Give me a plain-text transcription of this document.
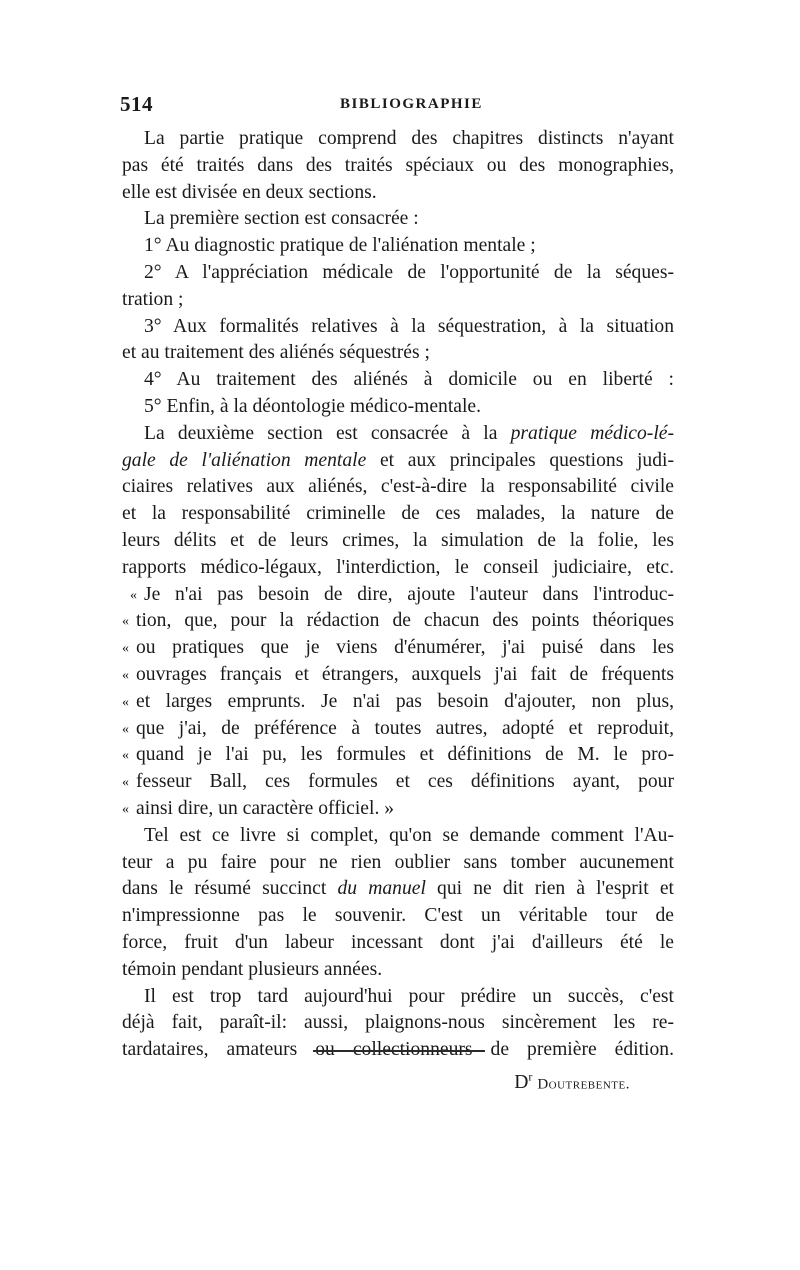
514	BIBLIOGRAPHIE
La partie pratique comprend des chapitres distincts n'ayant
pas été traités dans des traités spéciaux ou des monographies,
elle est divisée en deux sections.
La première section est consacrée :
1° Au diagnostic pratique de l'aliénation mentale ;
2° A l'appréciation médicale de l'opportunité de la séques-
tration ;
3° Aux formalités relatives à la séquestration, à la situation
et au traitement des aliénés séquestrés ;
4° Au traitement des aliénés à domicile ou en liberté :
5° Enfin, à la déontologie médico-mentale.
La deuxième section est consacrée à la pratique médico-lé-
gale de l'aliénation mentale et aux principales questions judi-
ciaires relatives aux aliénés, c'est-à-dire la responsabilité civile
et la responsabilité criminelle de ces malades, la nature de
leurs délits et de leurs crimes, la simulation de la folie, les
rapports médico-légaux, l'interdiction, le conseil judiciaire, etc.
« Je n'ai pas besoin de dire, ajoute l'auteur dans l'introduc-
« tion, que, pour la rédaction de chacun des points théoriques
« ou pratiques que je viens d'énumérer, j'ai puisé dans les
« ouvrages français et étrangers, auxquels j'ai fait de fréquents
« et larges emprunts. Je n'ai pas besoin d'ajouter, non plus,
« que j'ai, de préférence à toutes autres, adopté et reproduit,
« quand je l'ai pu, les formules et définitions de M. le pro-
« fesseur Ball, ces formules et ces définitions ayant, pour
« ainsi dire, un caractère officiel. »
Tel est ce livre si complet, qu'on se demande comment l'Au-
teur a pu faire pour ne rien oublier sans tomber aucunement
dans le résumé succinct du manuel qui ne dit rien à l'esprit et
n'impressionne pas le souvenir. C'est un véritable tour de
force, fruit d'un labeur incessant dont j'ai d'ailleurs été le
témoin pendant plusieurs années.
Il est trop tard aujourd'hui pour prédire un succès, c'est
déjà fait, paraît-il: aussi, plaignons-nous sincèrement les re-
tardataires, amateurs ou collectionneurs de première édition.
$D^r$ Doutrebente.
